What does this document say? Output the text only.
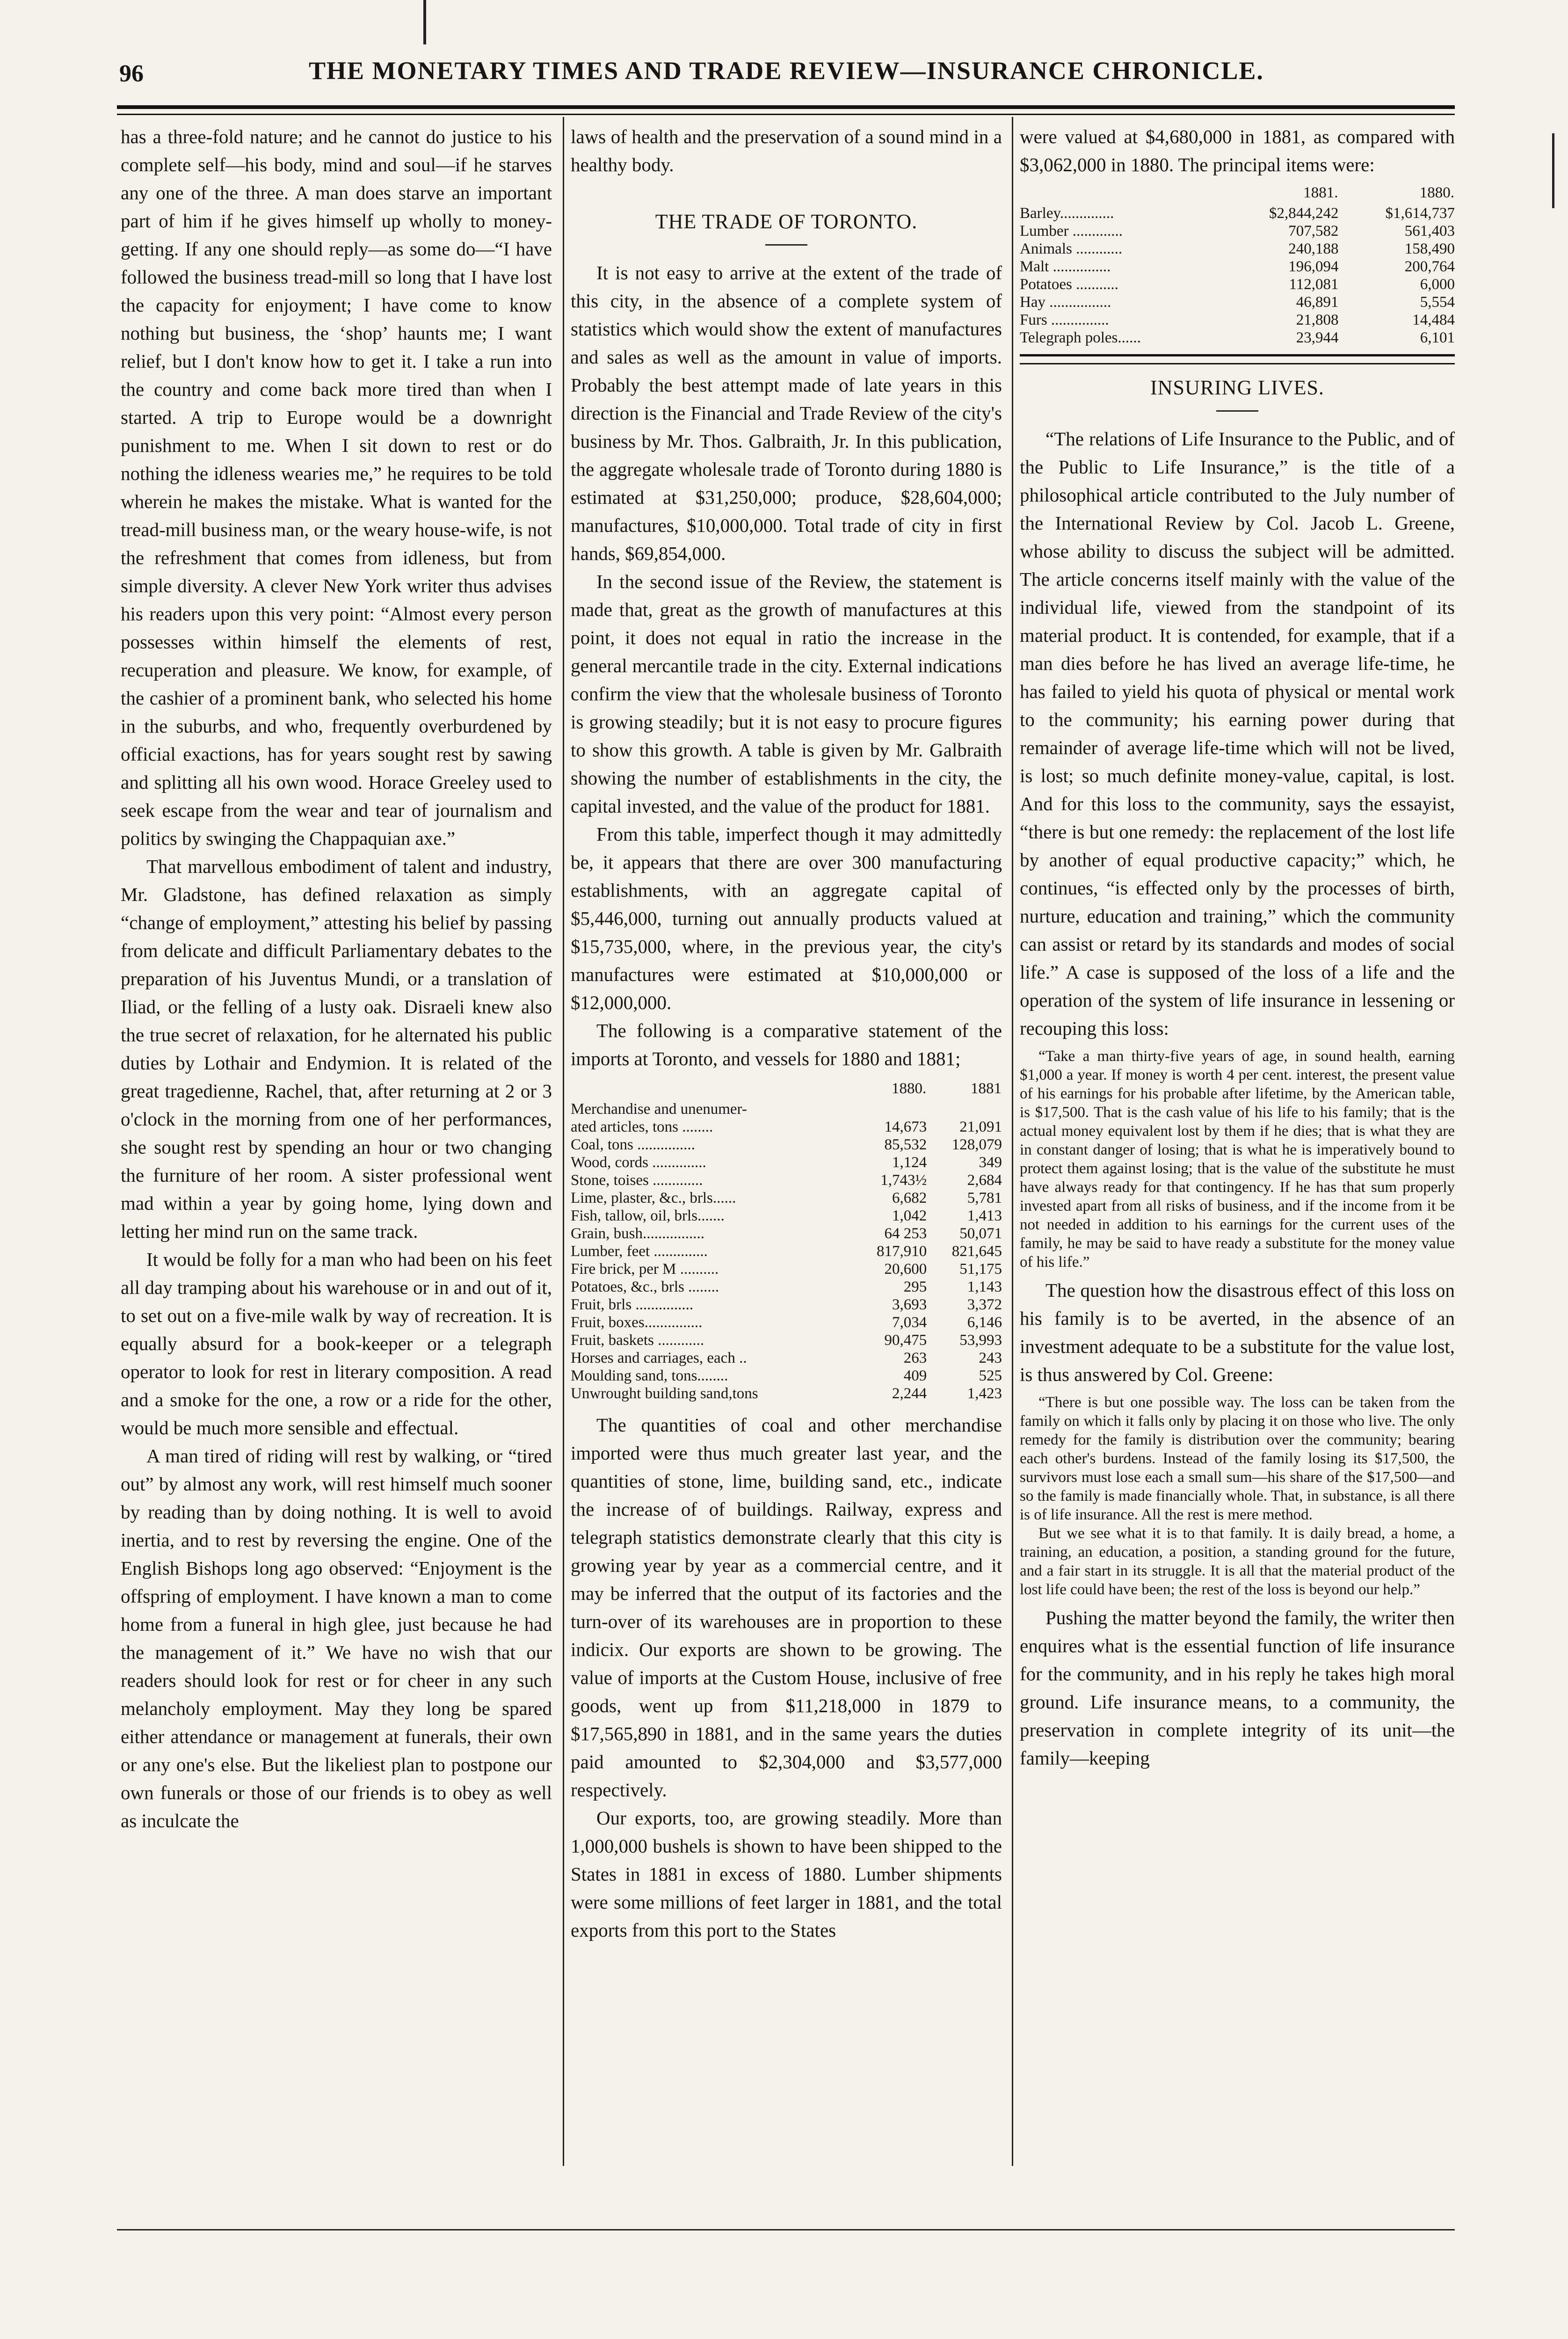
96	THE MONETARY TIMES AND TRADE REVIEW—INSURANCE CHRONICLE.

has a three-fold nature; and he cannot do justice to his complete self—his body, mind and soul—if he starves any one of the three. A man does starve an important part of him if he gives himself up wholly to money-getting. If any one should reply—as some do—“I have followed the business tread-mill so long that I have lost the capacity for enjoyment; I have come to know nothing but business, the ‘shop’ haunts me; I want relief, but I don't know how to get it. I take a run into the country and come back more tired than when I started. A trip to Europe would be a downright punishment to me. When I sit down to rest or do nothing the idleness wearies me,” he requires to be told wherein he makes the mistake. What is wanted for the tread-mill business man, or the weary house-wife, is not the refreshment that comes from idleness, but from simple diversity. A clever New York writer thus advises his readers upon this very point: “Almost every person possesses within himself the elements of rest, recuperation and pleasure. We know, for example, of the cashier of a prominent bank, who selected his home in the suburbs, and who, frequently overburdened by official exactions, has for years sought rest by sawing and splitting all his own wood. Horace Greeley used to seek escape from the wear and tear of journalism and politics by swinging the Chappaquian axe.”

That marvellous embodiment of talent and industry, Mr. Gladstone, has defined relaxation as simply “change of employment,” attesting his belief by passing from delicate and difficult Parliamentary debates to the preparation of his Juventus Mundi, or a translation of Iliad, or the felling of a lusty oak. Disraeli knew also the true secret of relaxation, for he alternated his public duties by Lothair and Endymion. It is related of the great tragedienne, Rachel, that, after returning at 2 or 3 o'clock in the morning from one of her performances, she sought rest by spending an hour or two changing the furniture of her room. A sister professional went mad within a year by going home, lying down and letting her mind run on the same track.

It would be folly for a man who had been on his feet all day tramping about his warehouse or in and out of it, to set out on a five-mile walk by way of recreation. It is equally absurd for a book-keeper or a telegraph operator to look for rest in literary composition. A read and a smoke for the one, a row or a ride for the other, would be much more sensible and effectual.

A man tired of riding will rest by walking, or “tired out” by almost any work, will rest himself much sooner by reading than by doing nothing. It is well to avoid inertia, and to rest by reversing the engine. One of the English Bishops long ago observed: “Enjoyment is the offspring of employment. I have known a man to come home from a funeral in high glee, just because he had the management of it.” We have no wish that our readers should look for rest or for cheer in any such melancholy employment. May they long be spared either attendance or management at funerals, their own or any one's else. But the likeliest plan to postpone our own funerals or those of our friends is to obey as well as inculcate the

laws of health and the preservation of a sound mind in a healthy body.

THE TRADE OF TORONTO.

It is not easy to arrive at the extent of the trade of this city, in the absence of a complete system of statistics which would show the extent of manufactures and sales as well as the amount in value of imports. Probably the best attempt made of late years in this direction is the Financial and Trade Review of the city's business by Mr. Thos. Galbraith, Jr. In this publication, the aggregate wholesale trade of Toronto during 1880 is estimated at $31,250,000; produce, $28,604,000; manufactures, $10,000,000. Total trade of city in first hands, $69,854,000.

In the second issue of the Review, the statement is made that, great as the growth of manufactures at this point, it does not equal in ratio the increase in the general mercantile trade in the city. External indications confirm the view that the wholesale business of Toronto is growing steadily; but it is not easy to procure figures to show this growth. A table is given by Mr. Galbraith showing the number of establishments in the city, the capital invested, and the value of the product for 1881.

From this table, imperfect though it may admittedly be, it appears that there are over 300 manufacturing establishments, with an aggregate capital of $5,446,000, turning out annually products valued at $15,735,000, where, in the previous year, the city's manufactures were estimated at $10,000,000 or $12,000,000.

The following is a comparative statement of the imports at Toronto, and vessels for 1880 and 1881;

	1880.	1881
Merchandise and unenumer-		
ated articles, tons ........	14,673	21,091
Coal, tons ...............	85,532	128,079
Wood, cords ..............	1,124	349
Stone, toises .............	1,743½	2,684
Lime, plaster, &c., brls......	6,682	5,781
Fish, tallow, oil, brls.......	1,042	1,413
Grain, bush................	64 253	50,071
Lumber, feet ..............	817,910	821,645
Fire brick, per M ..........	20,600	51,175
Potatoes, &c., brls ........	295	1,143
Fruit, brls ...............	3,693	3,372
Fruit, boxes...............	7,034	6,146
Fruit, baskets ............	90,475	53,993
Horses and carriages, each ..	263	243
Moulding sand, tons........	409	525
Unwrought building sand,tons	2,244	1,423

The quantities of coal and other merchandise imported were thus much greater last year, and the quantities of stone, lime, building sand, etc., indicate the increase of of buildings. Railway, express and telegraph statistics demonstrate clearly that this city is growing year by year as a commercial centre, and it may be inferred that the output of its factories and the turn-over of its warehouses are in proportion to these indicix. Our exports are shown to be growing. The value of imports at the Custom House, inclusive of free goods, went up from $11,218,000 in 1879 to $17,565,890 in 1881, and in the same years the duties paid amounted to $2,304,000 and $3,577,000 respectively.

Our exports, too, are growing steadily. More than 1,000,000 bushels is shown to have been shipped to the States in 1881 in excess of 1880. Lumber shipments were some millions of feet larger in 1881, and the total exports from this port to the States

were valued at $4,680,000 in 1881, as compared with $3,062,000 in 1880. The principal items were:

	1881.	1880.
Barley..............	$2,844,242	$1,614,737
Lumber .............	707,582	561,403
Animals ............	240,188	158,490
Malt ...............	196,094	200,764
Potatoes ...........	112,081	6,000
Hay ................	46,891	5,554
Furs ...............	21,808	14,484
Telegraph poles......	23,944	6,101
INSURING LIVES.

“The relations of Life Insurance to the Public, and of the Public to Life Insurance,” is the title of a philosophical article contributed to the July number of the International Review by Col. Jacob L. Greene, whose ability to discuss the subject will be admitted. The article concerns itself mainly with the value of the individual life, viewed from the standpoint of its material product. It is contended, for example, that if a man dies before he has lived an average life-time, he has failed to yield his quota of physical or mental work to the community; his earning power during that remainder of average life-time which will not be lived, is lost; so much definite money-value, capital, is lost. And for this loss to the community, says the essayist, “there is but one remedy: the replacement of the lost life by another of equal productive capacity;” which, he continues, “is effected only by the processes of birth, nurture, education and training,” which the community can assist or retard by its standards and modes of social life.” A case is supposed of the loss of a life and the operation of the system of life insurance in lessening or recouping this loss:

“Take a man thirty-five years of age, in sound health, earning $1,000 a year. If money is worth 4 per cent. interest, the present value of his earnings for his probable after lifetime, by the American table, is $17,500. That is the cash value of his life to his family; that is the actual money equivalent lost by them if he dies; that is what they are in constant danger of losing; that is what he is imperatively bound to protect them against losing; that is the value of the substitute he must have always ready for that contingency. If he has that sum properly invested apart from all risks of business, and if the income from it be not needed in addition to his earnings for the current uses of the family, he may be said to have ready a substitute for the money value of his life.”

The question how the disastrous effect of this loss on his family is to be averted, in the absence of an investment adequate to be a substitute for the value lost, is thus answered by Col. Greene:

“There is but one possible way. The loss can be taken from the family on which it falls only by placing it on those who live. The only remedy for the family is distribution over the community; bearing each other's burdens. Instead of the family losing its $17,500, the survivors must lose each a small sum—his share of the $17,500—and so the family is made financially whole. That, in substance, is all there is of life insurance. All the rest is mere method.

But we see what it is to that family. It is daily bread, a home, a training, an education, a position, a standing ground for the future, and a fair start in its struggle. It is all that the material product of the lost life could have been; the rest of the loss is beyond our help.”

Pushing the matter beyond the family, the writer then enquires what is the essential function of life insurance for the community, and in his reply he takes high moral ground. Life insurance means, to a community, the preservation in complete integrity of its unit—the family—keeping
